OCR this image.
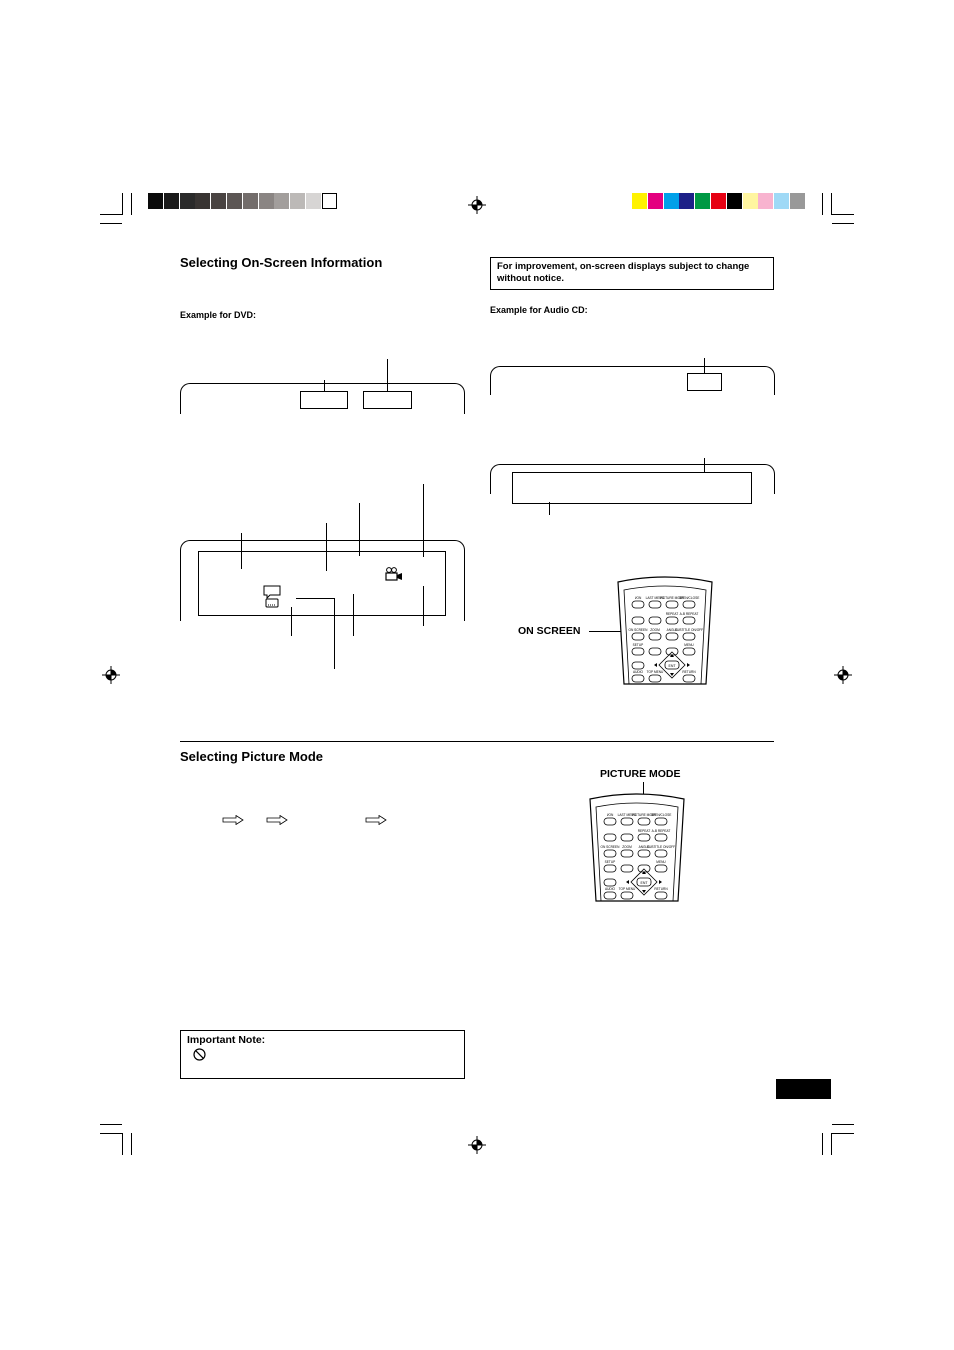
Selecting On-Screen Information
Example for DVD:
For improvement, on-screen displays subject to change without notice.
Example for Audio CD:
ON SCREEN
I/ON LAST MEMO
PICTURE MODE
OPEN/CLOSE
REPEAT A-B REPEAT
ON SCREEN ZOOM ANGLE
SUBTITLE ON/OFF
SETUP	MENU
AUDIO TOP MENU	RETURN
ENT
Selecting Picture Mode
PICTURE MODE
I/ON LAST MEMO
PICTURE MODE
OPEN/CLOSE
REPEAT A-B REPEAT
ON SCREEN ZOOM ANGLE
SUBTITLE ON/OFF
SETUP	MENU
AUDIO TOP MENU	RETURN
ENT
Important Note:
